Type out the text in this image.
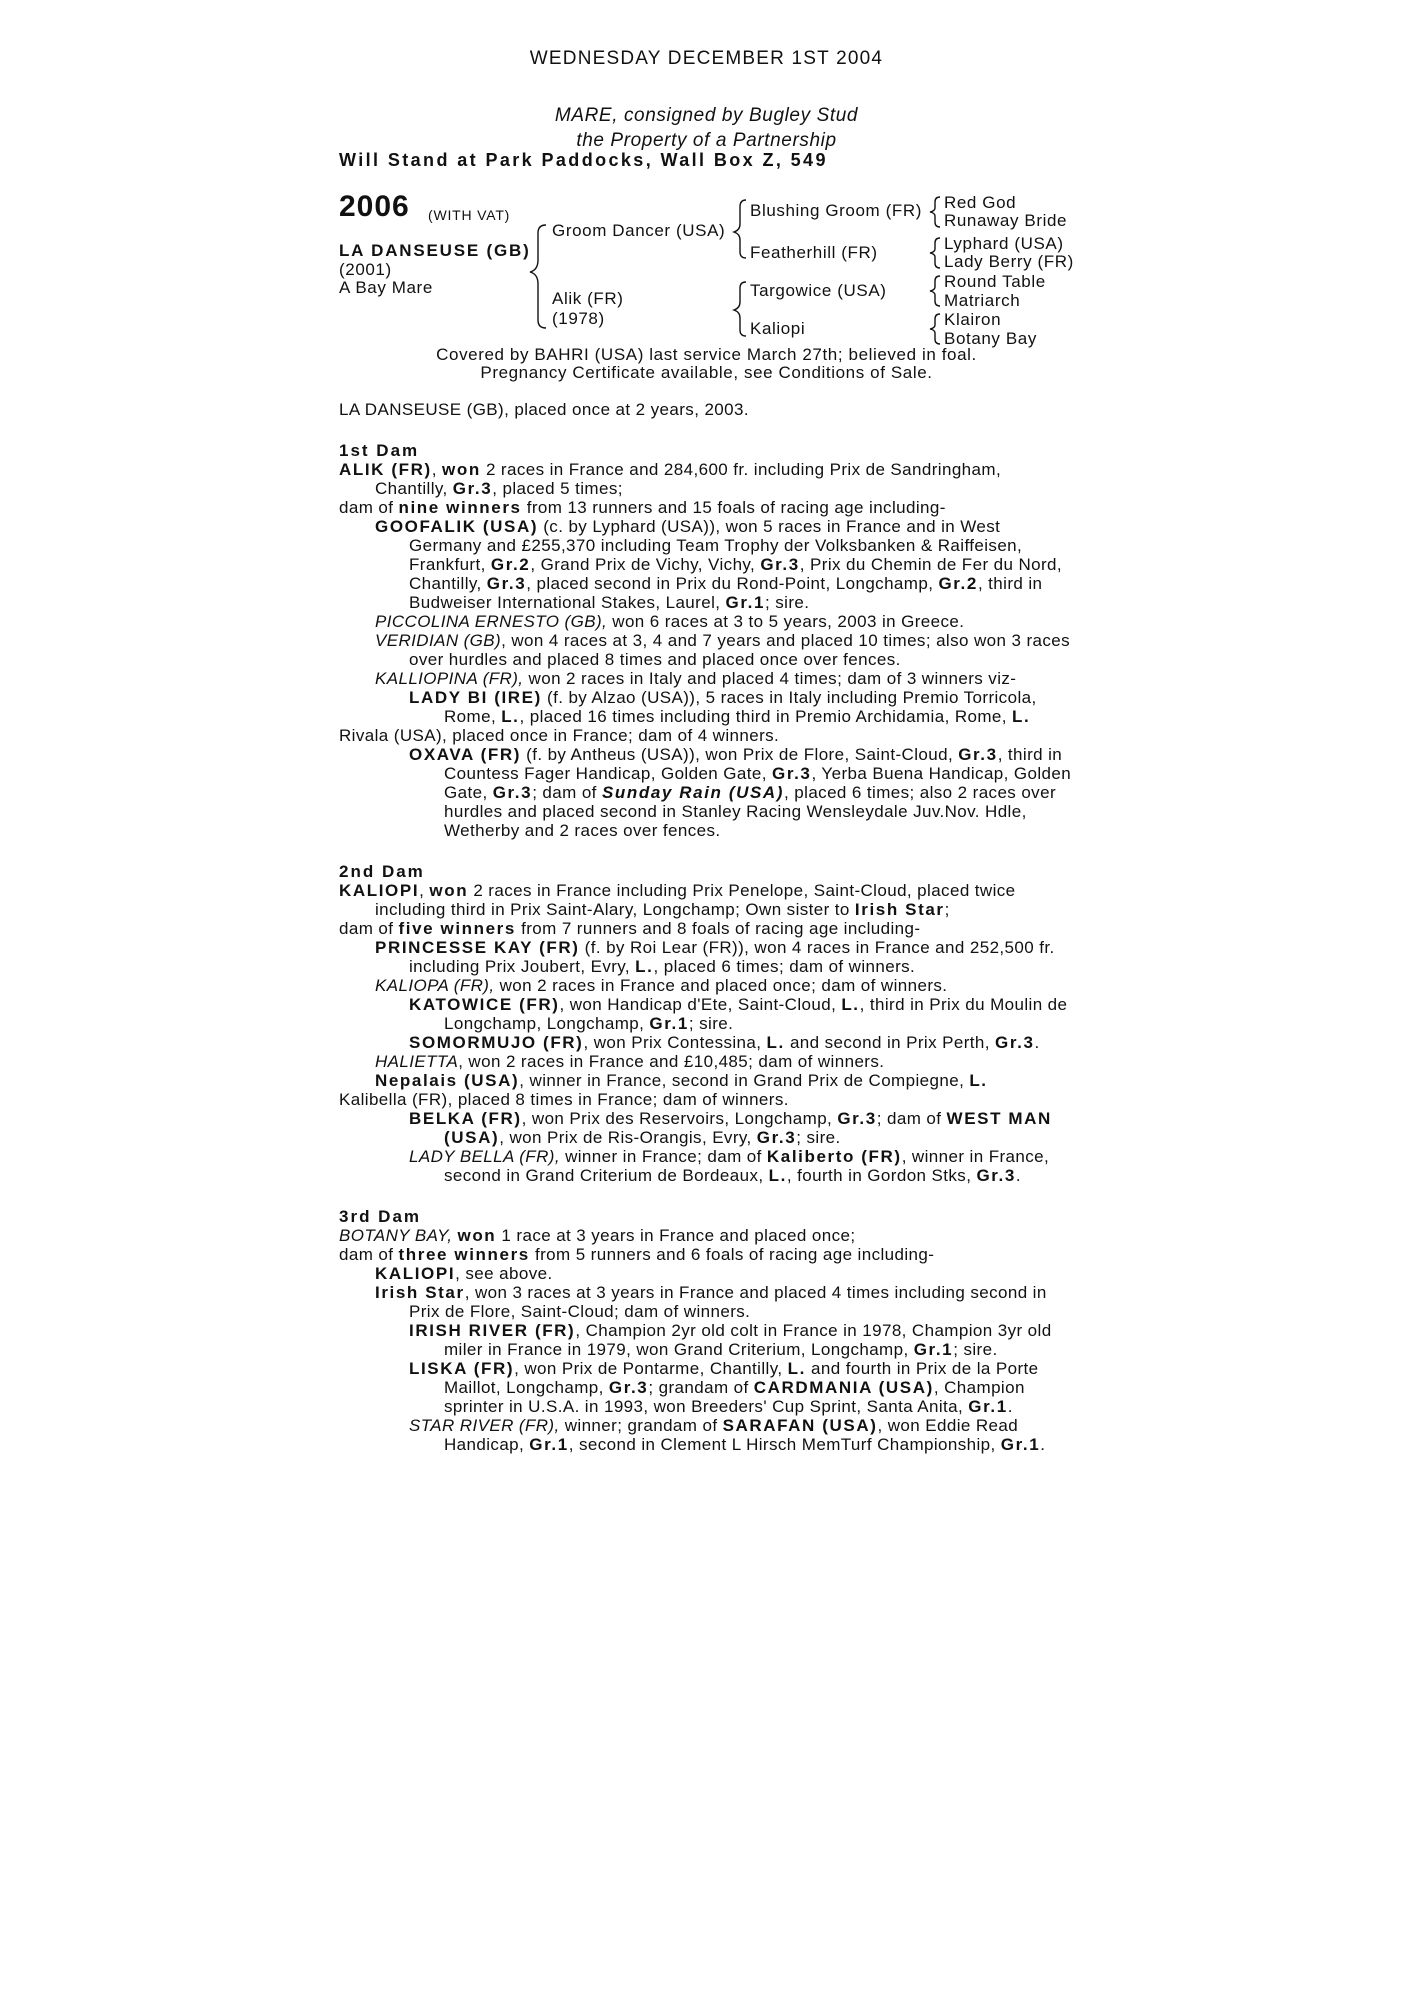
WEDNESDAY DECEMBER 1ST 2004
MARE, consigned by Bugley Stud
the Property of a Partnership
Will Stand at Park Paddocks, Wall Box Z, 549
2006 (WITH VAT)
LA DANSEUSE (GB)
(2001)
A Bay Mare
Groom Dancer (USA)
Alik (FR)
(1978)
Blushing Groom (FR)
Featherhill (FR)
Targowice (USA)
Kaliopi
Red God
Runaway Bride
Lyphard (USA)
Lady Berry (FR)
Round Table
Matriarch
Klairon
Botany Bay
Covered by BAHRI (USA) last service March 27th; believed in foal.
Pregnancy Certificate available, see Conditions of Sale.

LA DANSEUSE (GB), placed once at 2 years, 2003.

1st Dam

ALIK (FR), won 2 races in France and 284,600 fr. including Prix de Sandringham, Chantilly, Gr.3, placed 5 times;

dam of nine winners from 13 runners and 15 foals of racing age including-

GOOFALIK (USA) (c. by Lyphard (USA)), won 5 races in France and in West Germany and £255,370 including Team Trophy der Volksbanken & Raiffeisen, Frankfurt, Gr.2, Grand Prix de Vichy, Vichy, Gr.3, Prix du Chemin de Fer du Nord, Chantilly, Gr.3, placed second in Prix du Rond-Point, Longchamp, Gr.2, third in Budweiser International Stakes, Laurel, Gr.1; sire.

PICCOLINA ERNESTO (GB), won 6 races at 3 to 5 years, 2003 in Greece.

VERIDIAN (GB), won 4 races at 3, 4 and 7 years and placed 10 times; also won 3 races over hurdles and placed 8 times and placed once over fences.

KALLIOPINA (FR), won 2 races in Italy and placed 4 times; dam of 3 winners viz-

LADY BI (IRE) (f. by Alzao (USA)), 5 races in Italy including Premio Torricola, Rome, L., placed 16 times including third in Premio Archidamia, Rome, L.

Rivala (USA), placed once in France; dam of 4 winners.

OXAVA (FR) (f. by Antheus (USA)), won Prix de Flore, Saint-Cloud, Gr.3, third in Countess Fager Handicap, Golden Gate, Gr.3, Yerba Buena Handicap, Golden Gate, Gr.3; dam of Sunday Rain (USA), placed 6 times; also 2 races over hurdles and placed second in Stanley Racing Wensleydale Juv.Nov. Hdle, Wetherby and 2 races over fences.

2nd Dam

KALIOPI, won 2 races in France including Prix Penelope, Saint-Cloud, placed twice including third in Prix Saint-Alary, Longchamp; Own sister to Irish Star;

dam of five winners from 7 runners and 8 foals of racing age including-

PRINCESSE KAY (FR) (f. by Roi Lear (FR)), won 4 races in France and 252,500 fr. including Prix Joubert, Evry, L., placed 6 times; dam of winners.

KALIOPA (FR), won 2 races in France and placed once; dam of winners.

KATOWICE (FR), won Handicap d'Ete, Saint-Cloud, L., third in Prix du Moulin de Longchamp, Longchamp, Gr.1; sire.

SOMORMUJO (FR), won Prix Contessina, L. and second in Prix Perth, Gr.3.

HALIETTA, won 2 races in France and £10,485; dam of winners.

Nepalais (USA), winner in France, second in Grand Prix de Compiegne, L.

Kalibella (FR), placed 8 times in France; dam of winners.

BELKA (FR), won Prix des Reservoirs, Longchamp, Gr.3; dam of WEST MAN (USA), won Prix de Ris-Orangis, Evry, Gr.3; sire.

LADY BELLA (FR), winner in France; dam of Kaliberto (FR), winner in France, second in Grand Criterium de Bordeaux, L., fourth in Gordon Stks, Gr.3.

3rd Dam

BOTANY BAY, won 1 race at 3 years in France and placed once;

dam of three winners from 5 runners and 6 foals of racing age including-

KALIOPI, see above.

Irish Star, won 3 races at 3 years in France and placed 4 times including second in Prix de Flore, Saint-Cloud; dam of winners.

IRISH RIVER (FR), Champion 2yr old colt in France in 1978, Champion 3yr old miler in France in 1979, won Grand Criterium, Longchamp, Gr.1; sire.

LISKA (FR), won Prix de Pontarme, Chantilly, L. and fourth in Prix de la Porte Maillot, Longchamp, Gr.3; grandam of CARDMANIA (USA), Champion sprinter in U.S.A. in 1993, won Breeders' Cup Sprint, Santa Anita, Gr.1.

STAR RIVER (FR), winner; grandam of SARAFAN (USA), won Eddie Read Handicap, Gr.1, second in Clement L Hirsch MemTurf Championship, Gr.1.
